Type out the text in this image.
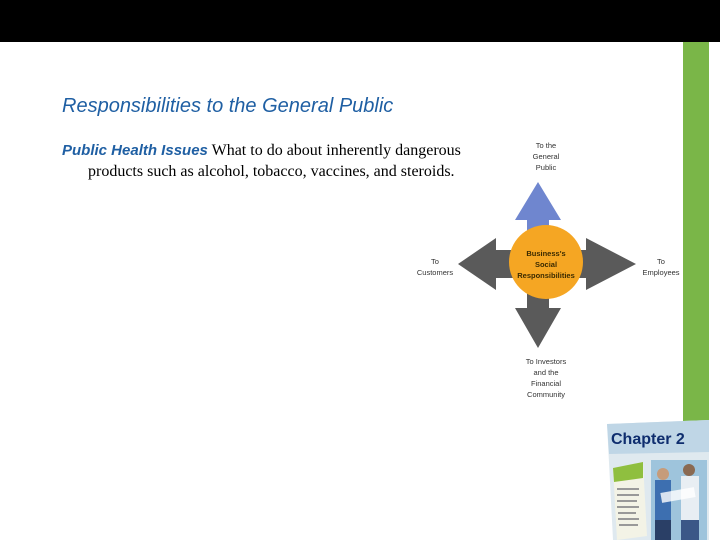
Responsibilities to the General Public
Public Health Issues What to do about inherently dangerous
products such as alcohol, tobacco, vaccines, and steroids.
Business's
Social
Responsibilities
To the
General
Public
To
Customers
To
Employees
To Investors
and the
Financial
Community
Chapter 2
